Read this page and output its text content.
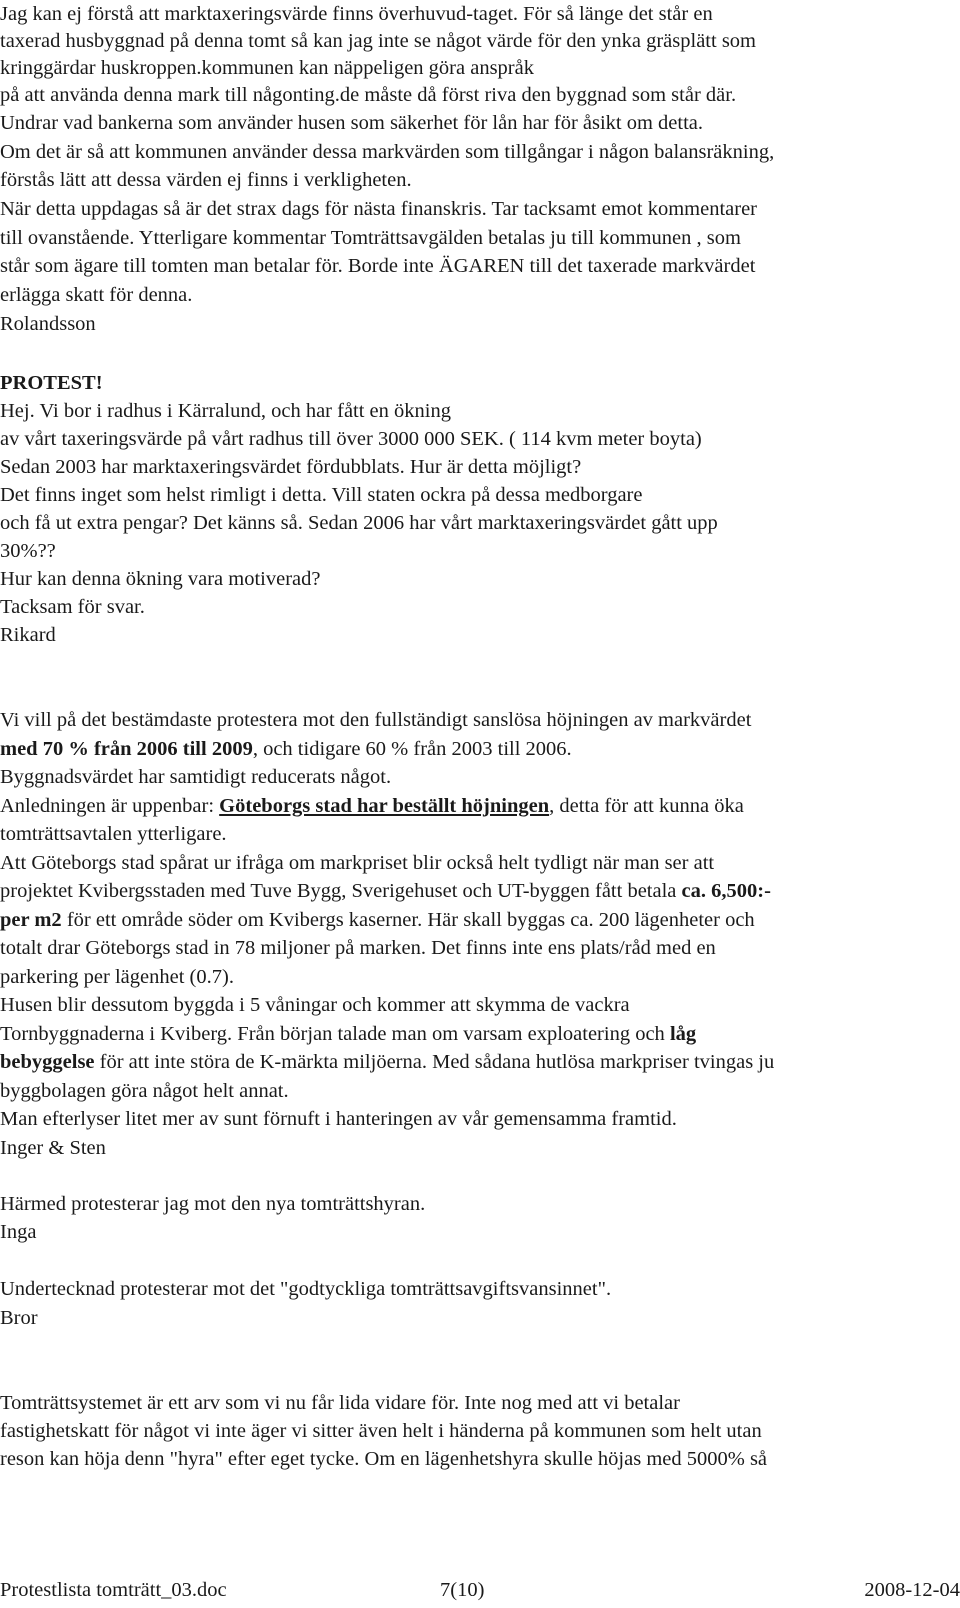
Jag kan ej förstå att marktaxeringsvärde finns överhuvud-taget. För så länge det står en
taxerad husbyggnad på denna tomt så kan jag inte se något värde för den ynka gräsplätt som
kringgärdar huskroppen.kommunen kan näppeligen göra anspråk
på att använda denna mark till någonting.de måste då först riva den byggnad som står där.
Undrar vad bankerna som använder husen som säkerhet för lån har för åsikt om detta.
Om det är så att kommunen använder dessa markvärden som tillgångar i någon balansräkning,
förstås lätt att dessa värden ej finns i verkligheten.
När detta uppdagas så är det strax dags för nästa finanskris. Tar tacksamt emot kommentarer
till ovanstående. Ytterligare kommentar Tomträttsavgälden betalas ju till kommunen , som
står som ägare till tomten man betalar för. Borde inte ÄGAREN till det taxerade markvärdet
erlägga skatt för denna.
Rolandsson
PROTEST!
Hej. Vi bor i radhus i Kärralund, och har fått en ökning
av vårt taxeringsvärde på vårt radhus till över 3000 000 SEK. ( 114 kvm meter boyta)
Sedan 2003 har marktaxeringsvärdet fördubblats. Hur är detta möjligt?
Det finns inget som helst rimligt i detta. Vill staten ockra på dessa medborgare
och få ut extra pengar? Det känns så. Sedan 2006 har vårt marktaxeringsvärdet gått upp
30%??
Hur kan denna ökning vara motiverad?
Tacksam för svar.
Rikard
Vi vill på det bestämdaste protestera mot den fullständigt sanslösa höjningen av markvärdet
med 70 % från 2006 till 2009, och tidigare 60 % från 2003 till 2006.
Byggnadsvärdet har samtidigt reducerats något.
Anledningen är uppenbar: Göteborgs stad har beställt höjningen, detta för att kunna öka
tomträttsavtalen ytterligare.
Att Göteborgs stad spårat ur ifråga om markpriset blir också helt tydligt när man ser att
projektet Kvibergsstaden med Tuve Bygg, Sverigehuset och UT-byggen fått betala ca. 6,500:-
per m2 för ett område söder om Kvibergs kaserner. Här skall byggas ca. 200 lägenheter och
totalt drar Göteborgs stad in 78 miljoner på marken. Det finns inte ens plats/råd med en
parkering per lägenhet (0.7).
Husen blir dessutom byggda i 5 våningar och kommer att skymma de vackra
Tornbyggnaderna i Kviberg. Från början talade man om varsam exploatering och låg
bebyggelse för att inte störa de K-märkta miljöerna. Med sådana hutlösa markpriser tvingas ju
byggbolagen göra något helt annat.
Man efterlyser litet mer av sunt förnuft i hanteringen av vår gemensamma framtid.
Inger & Sten
Härmed protesterar jag mot den nya tomträttshyran.
Inga
Undertecknad protesterar mot det "godtyckliga tomträttsavgiftsvansinnet".
Bror
Tomträttsystemet är ett arv som vi nu får lida vidare för. Inte nog med att vi betalar
fastighetskatt för något vi inte äger vi sitter även helt i händerna på kommunen som helt utan
reson kan höja denn "hyra" efter eget tycke. Om en lägenhetshyra skulle höjas med 5000% så
Protestlista tomträtt_03.doc	7(10)	2008-12-04
